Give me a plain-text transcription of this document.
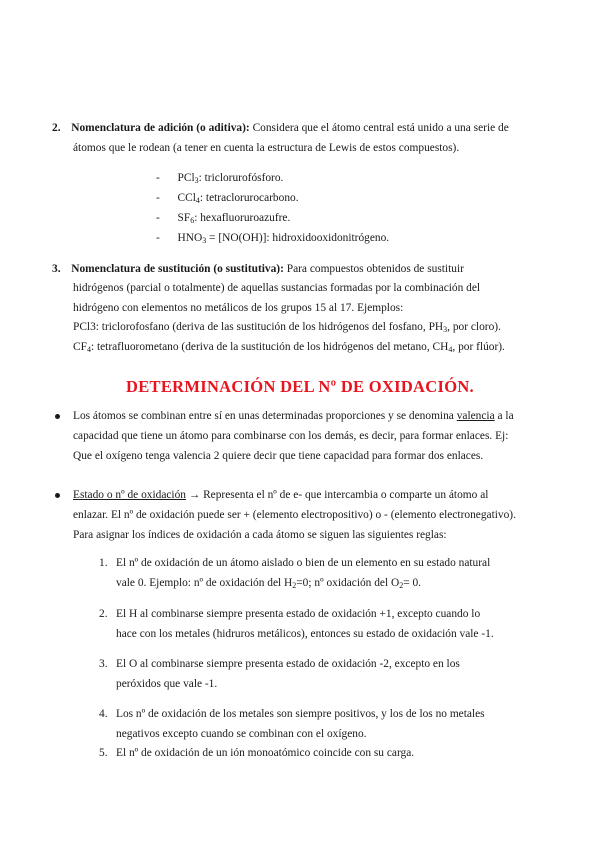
2. Nomenclatura de adición (o aditiva): Considera que el átomo central está unido a una serie de
átomos que le rodean (a tener en cuenta la estructura de Lewis de estos compuestos).
- PCl$_3$: triclorurofósforo.
- CCl$_4$: tetraclorurocarbono.
- $SF_6$: hexafluoruroazufre.
- $HNO_3 = [NO(OH)]$: hidroxidooxidonitrógeno.
3. Nomenclatura de sustitución (o sustitutiva): Para compuestos obtenidos de sustituir
hidrógenos (parcial o totalmente) de aquellas sustancias formadas por la combinación del
hidrógeno con elementos no metálicos de los grupos 15 al 17. Ejemplos:
PCl3: triclorofosfano (deriva de las sustitución de los hidrógenos del fosfano, $PH_3$, por cloro).
$CF_4$: tetrafluorometano (deriva de la sustitución de los hidrógenos del metano, $CH_4$, por flúor).
DETERMINACIÓN DEL Nº DE OXIDACIÓN.
Los átomos se combinan entre sí en unas determinadas proporciones y se denomina valencia a la
capacidad que tiene un átomo para combinarse con los demás, es decir, para formar enlaces. Ej:
Que el oxígeno tenga valencia 2 quiere decir que tiene capacidad para formar dos enlaces.
Estado o nº de oxidación → Representa el nº de e- que intercambia o comparte un átomo al
enlazar. El nº de oxidación puede ser + (elemento electropositivo) o - (elemento electronegativo).
Para asignar los índices de oxidación a cada átomo se siguen las siguientes reglas:
1. El nº de oxidación de un átomo aislado o bien de un elemento en su estado natural
vale 0. Ejemplo: nº de oxidación del $H_2=0$; nº oxidación del $O_2= 0$.
2. El H al combinarse siempre presenta estado de oxidación +1, excepto cuando lo
hace con los metales (hidruros metálicos), entonces su estado de oxidación vale -1.
3. El O al combinarse siempre presenta estado de oxidación -2, excepto en los
peróxidos que vale -1.
4. Los nº de oxidación de los metales son siempre positivos, y los de los no metales
negativos excepto cuando se combinan con el oxígeno.
5. El nº de oxidación de un ión monoatómico coincide con su carga.
